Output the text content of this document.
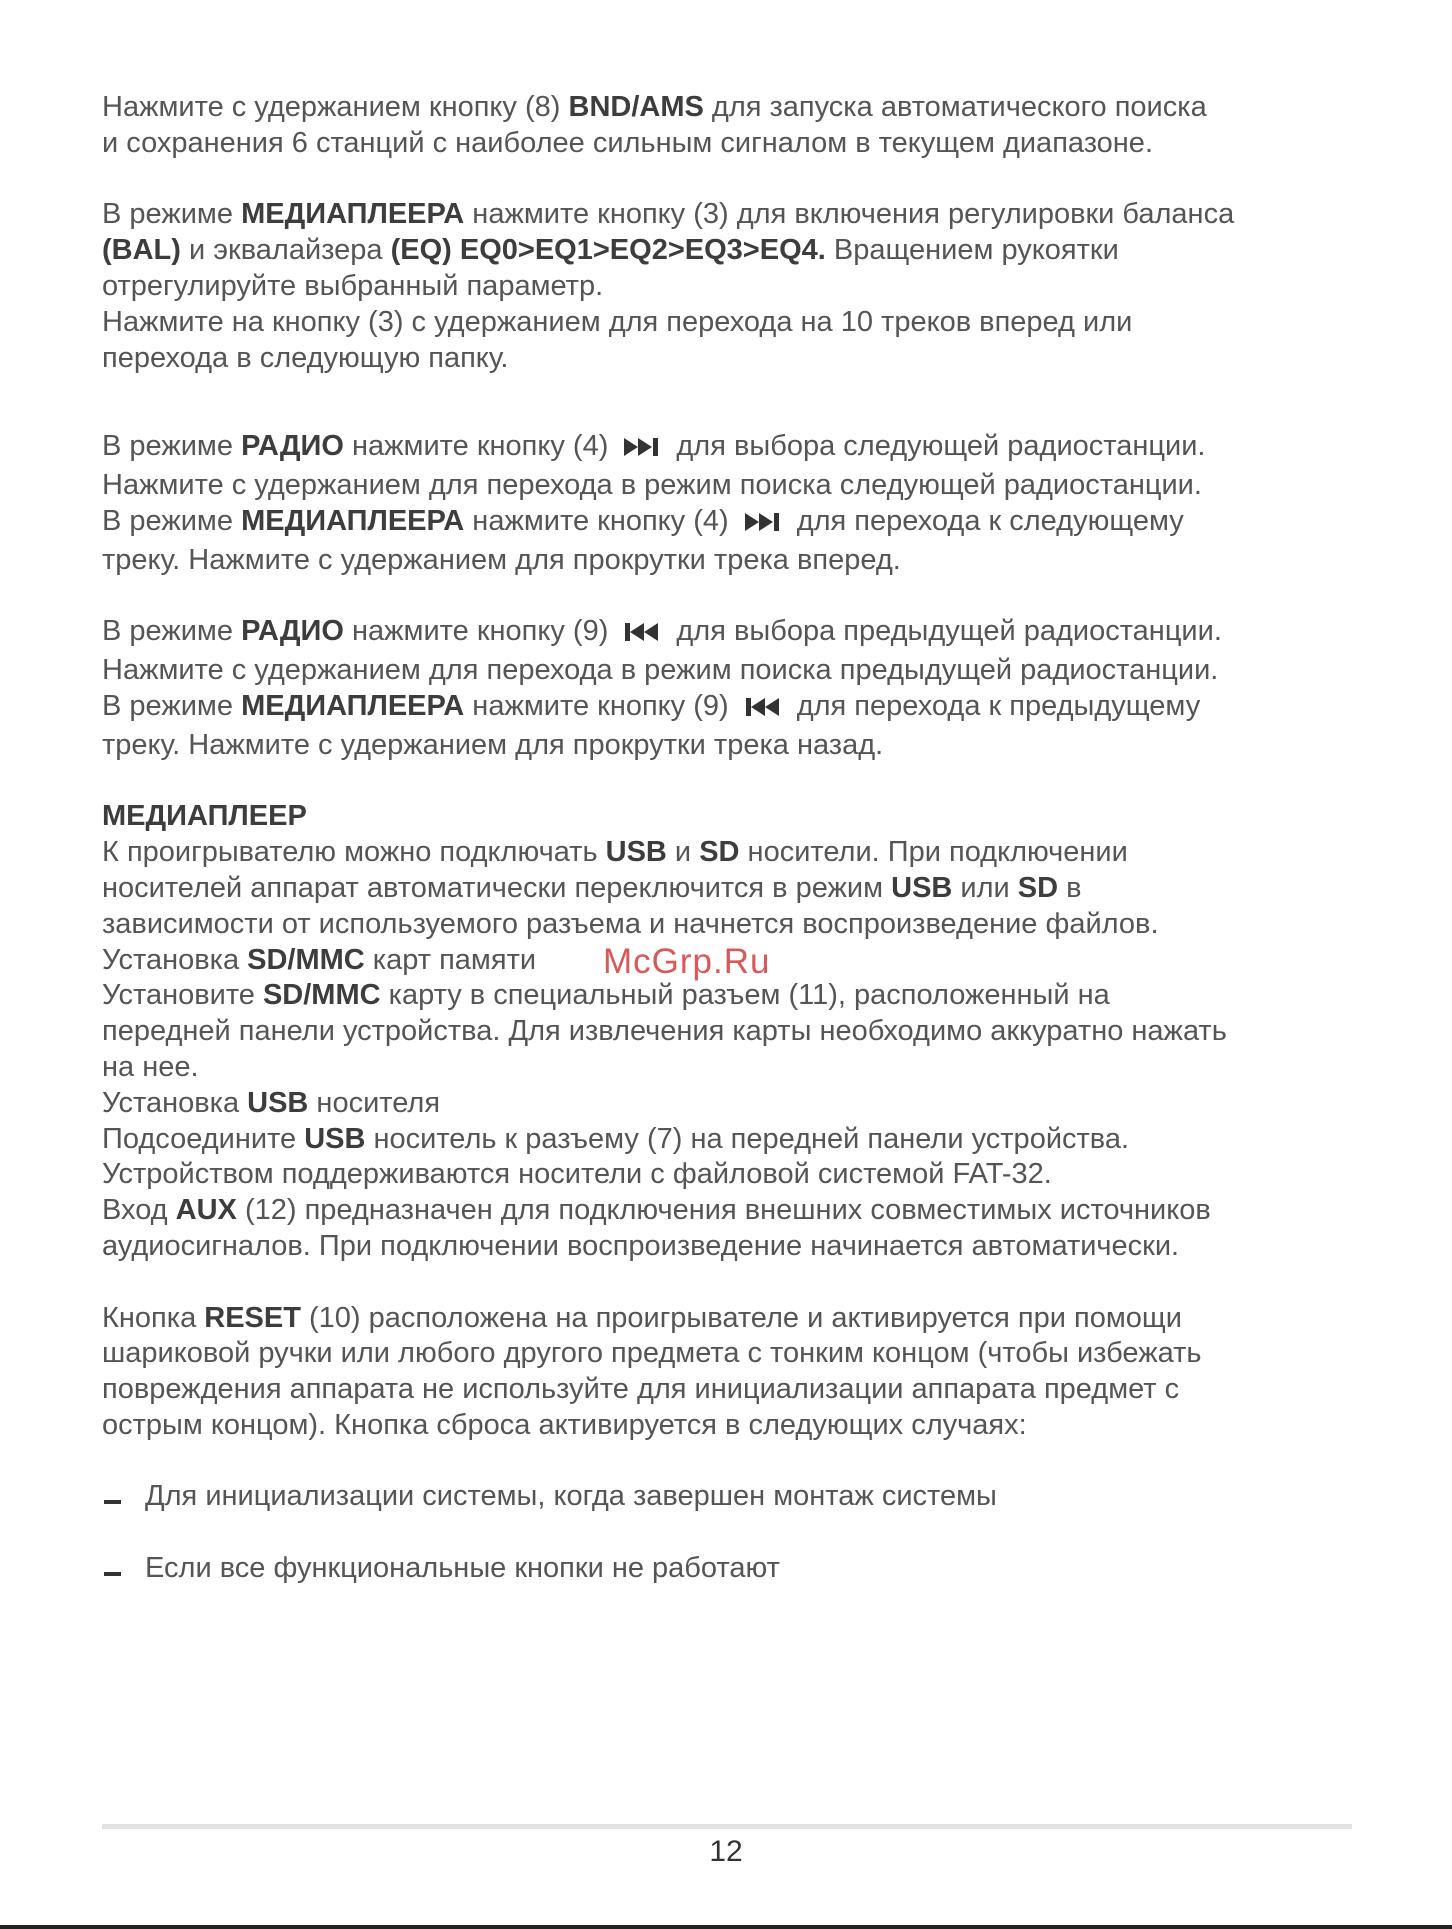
Нажмите с удержанием кнопку (8) BND/AMS для запуска автоматического поиска
и сохранения 6 станций с наиболее сильным сигналом в текущем диапазоне.

В режиме МЕДИАПЛЕЕРА нажмите кнопку (3) для включения регулировки баланса
(BAL) и эквалайзера (EQ) EQ0>EQ1>EQ2>EQ3>EQ4. Вращением рукоятки
отрегулируйте выбранный параметр.
Нажмите на кнопку (3) с удержанием для перехода на 10 треков вперед или
перехода в следующую папку.

В режиме РАДИО нажмите кнопку (4) для выбора следующей радиостанции.
Нажмите с удержанием для перехода в режим поиска следующей радиостанции.
В режиме МЕДИАПЛЕЕРА нажмите кнопку (4) для перехода к следующему
треку. Нажмите с удержанием для прокрутки трека вперед.

В режиме РАДИО нажмите кнопку (9) для выбора предыдущей радиостанции.
Нажмите с удержанием для перехода в режим поиска предыдущей радиостанции.
В режиме МЕДИАПЛЕЕРА нажмите кнопку (9) для перехода к предыдущему
треку. Нажмите с удержанием для прокрутки трека назад.

МЕДИАПЛЕЕР
К проигрывателю можно подключать USB и SD носители. При подключении
носителей аппарат автоматически переключится в режим USB или SD в
зависимости от используемого разъема и начнется воспроизведение файлов.
Установка SD/MMC карт памяти
Установите SD/MMC карту в специальный разъем (11), расположенный на
передней панели устройства. Для извлечения карты необходимо аккуратно нажать
на нее.
Установка USB носителя
Подсоедините USB носитель к разъему (7) на передней панели устройства.
Устройством поддерживаются носители с файловой системой FAT-32.
Вход AUX (12) предназначен для подключения внешних совместимых источников
аудиосигналов. При подключении воспроизведение начинается автоматически.

Кнопка RESET (10) расположена на проигрывателе и активируется при помощи
шариковой ручки или любого другого предмета с тонким концом (чтобы избежать
повреждения аппарата не используйте для инициализации аппарата предмет с
острым концом). Кнопка сброса активируется в следующих случаях:

Для инициализации системы, когда завершен монтаж системы
Если все функциональные кнопки не работают
McGrp.Ru
12
